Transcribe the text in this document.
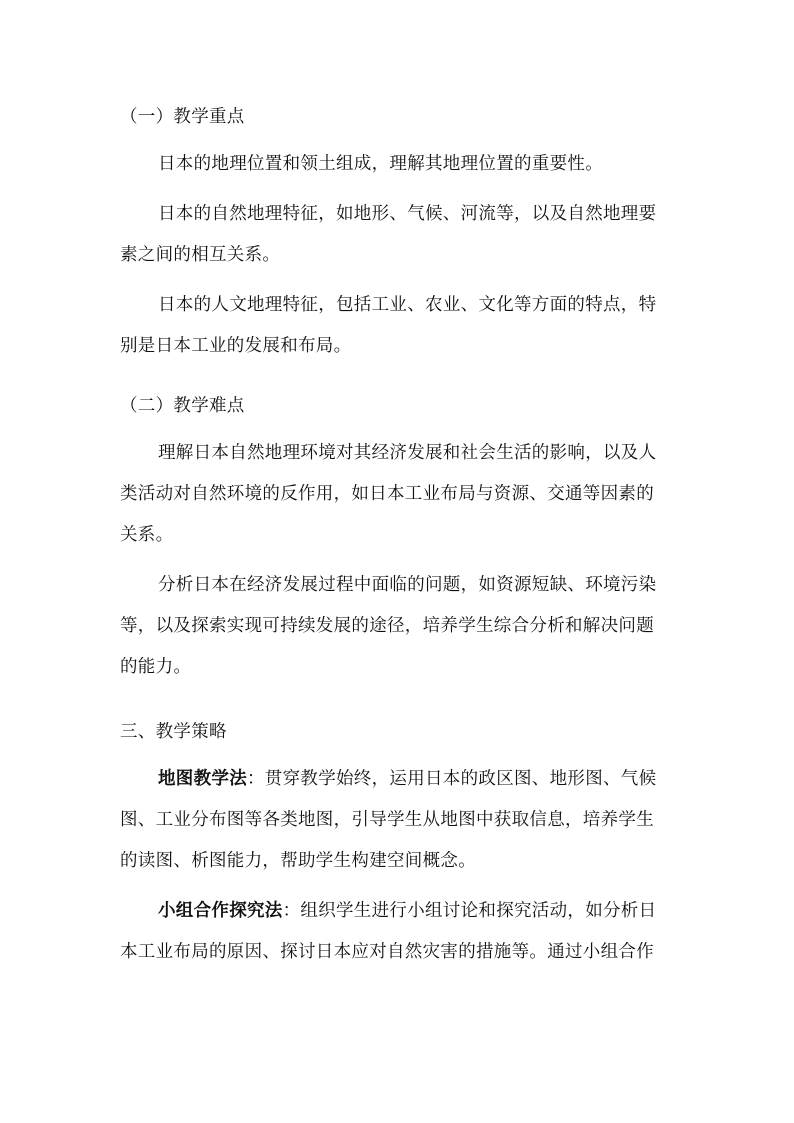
（一）教学重点
日本的地理位置和领土组成，理解其地理位置的重要性。
日本的自然地理特征，如地形、气候、河流等，以及自然地理要
素之间的相互关系。
日本的人文地理特征，包括工业、农业、文化等方面的特点，特
别是日本工业的发展和布局。
（二）教学难点
理解日本自然地理环境对其经济发展和社会生活的影响，以及人
类活动对自然环境的反作用，如日本工业布局与资源、交通等因素的
关系。
分析日本在经济发展过程中面临的问题，如资源短缺、环境污染
等，以及探索实现可持续发展的途径，培养学生综合分析和解决问题
的能力。
三、教学策略
地图教学法：贯穿教学始终，运用日本的政区图、地形图、气候
图、工业分布图等各类地图，引导学生从地图中获取信息，培养学生
的读图、析图能力，帮助学生构建空间概念。
小组合作探究法：组织学生进行小组讨论和探究活动，如分析日
本工业布局的原因、探讨日本应对自然灾害的措施等。通过小组合作
